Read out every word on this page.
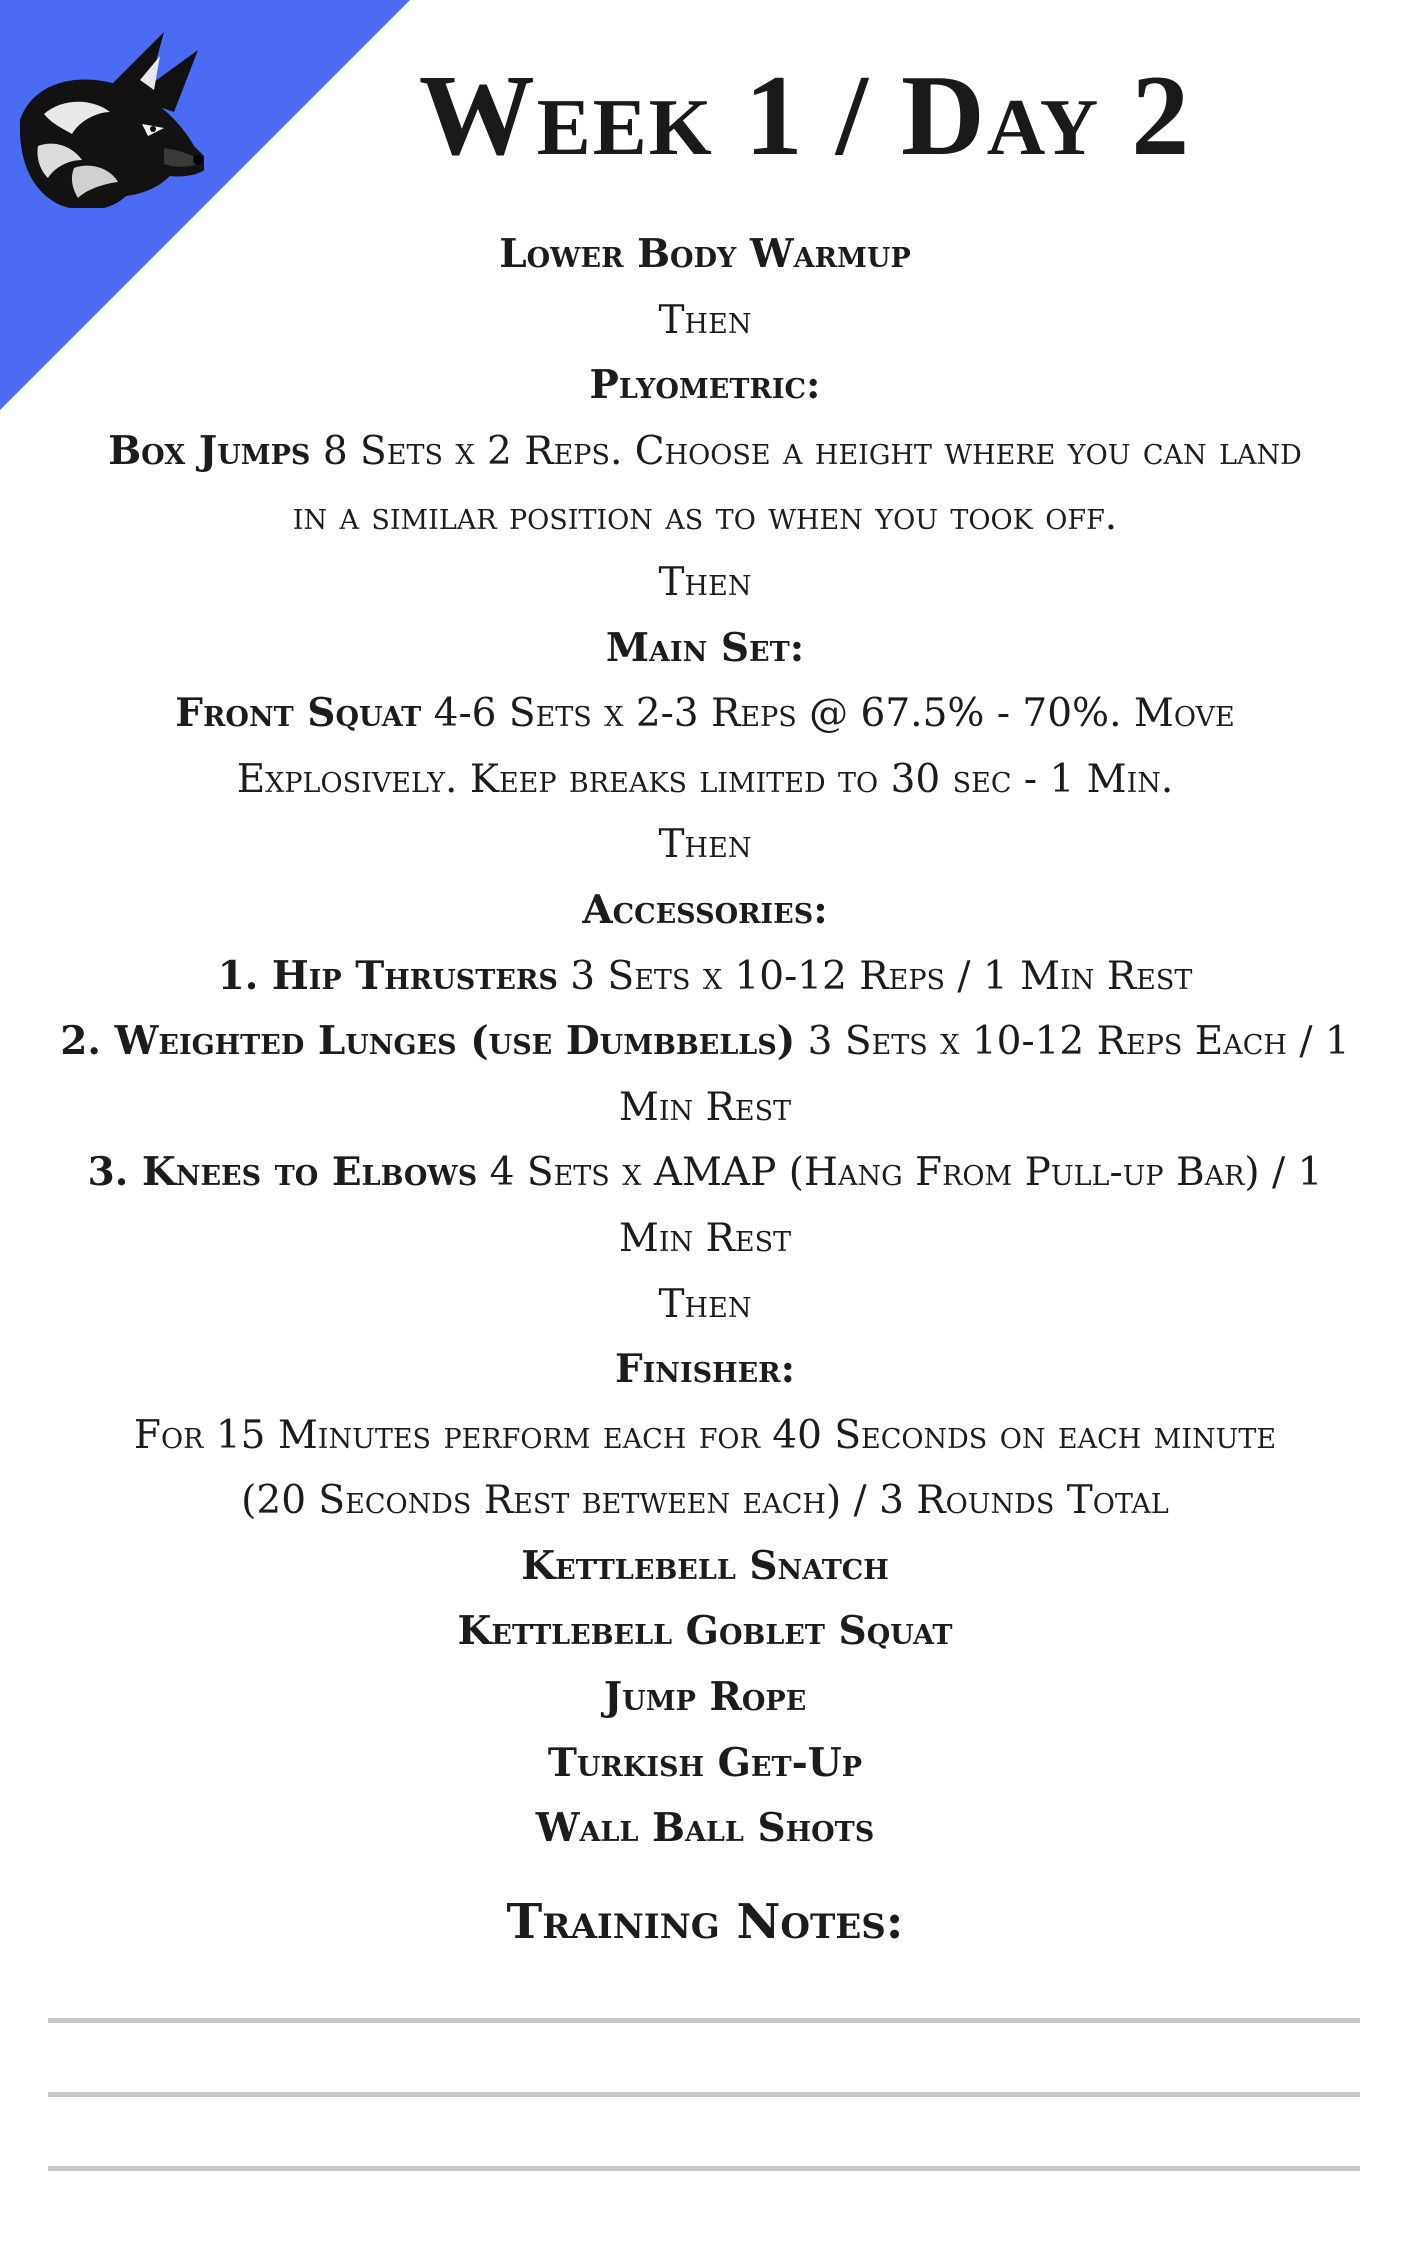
Week 1 / Day 2
Lower Body Warmup
Then
Plyometric:
Box Jumps 8 Sets x 2 Reps. Choose a height where you can land
in a similar position as to when you took off.
Then
Main Set:
Front Squat 4-6 Sets x 2-3 Reps @ 67.5% - 70%. Move
Explosively. Keep breaks limited to 30 sec - 1 Min.
Then
Accessories:
1. Hip Thrusters 3 Sets x 10-12 Reps / 1 Min Rest
2. Weighted Lunges (use Dumbbells) 3 Sets x 10-12 Reps Each / 1
Min Rest
3. Knees to Elbows 4 Sets x AMAP (Hang From Pull-up Bar) / 1
Min Rest
Then
Finisher:
For 15 Minutes perform each for 40 Seconds on each minute
(20 Seconds Rest between each) / 3 Rounds Total
Kettlebell Snatch
Kettlebell Goblet Squat
Jump Rope
Turkish Get-Up
Wall Ball Shots
Training Notes:
